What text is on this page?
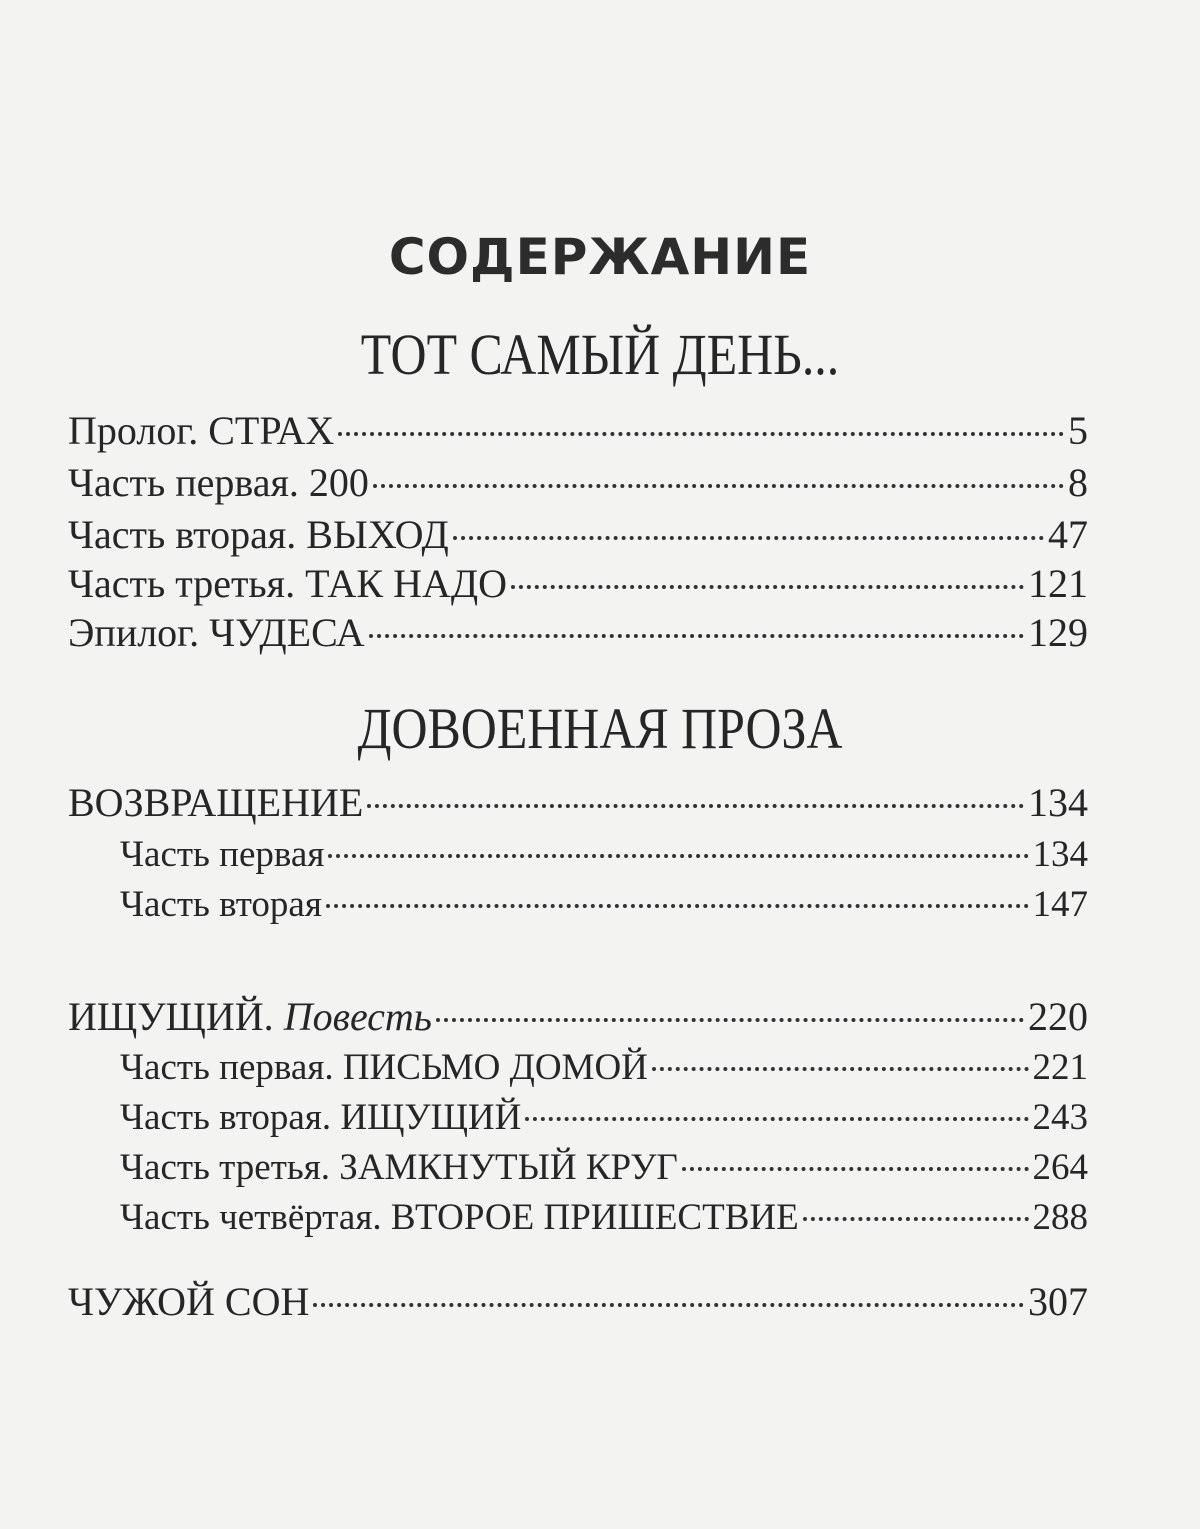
СОДЕРЖАНИЕ
ТОТ САМЫЙ ДЕНЬ...
Пролог. СТРАХ	5
Часть первая. 200	8
Часть вторая. ВЫХОД	47
Часть третья. ТАК НАДО	121
Эпилог. ЧУДЕСА	129
ДОВОЕННАЯ ПРОЗА
ВОЗВРАЩЕНИЕ	134
Часть первая	134
Часть вторая	147
ИЩУЩИЙ. Повесть	220
Часть первая. ПИСЬМО ДОМОЙ	221
Часть вторая. ИЩУЩИЙ	243
Часть третья. ЗАМКНУТЫЙ КРУГ	264
Часть четвёртая. ВТОРОЕ ПРИШЕСТВИЕ	288
ЧУЖОЙ СОН	307
